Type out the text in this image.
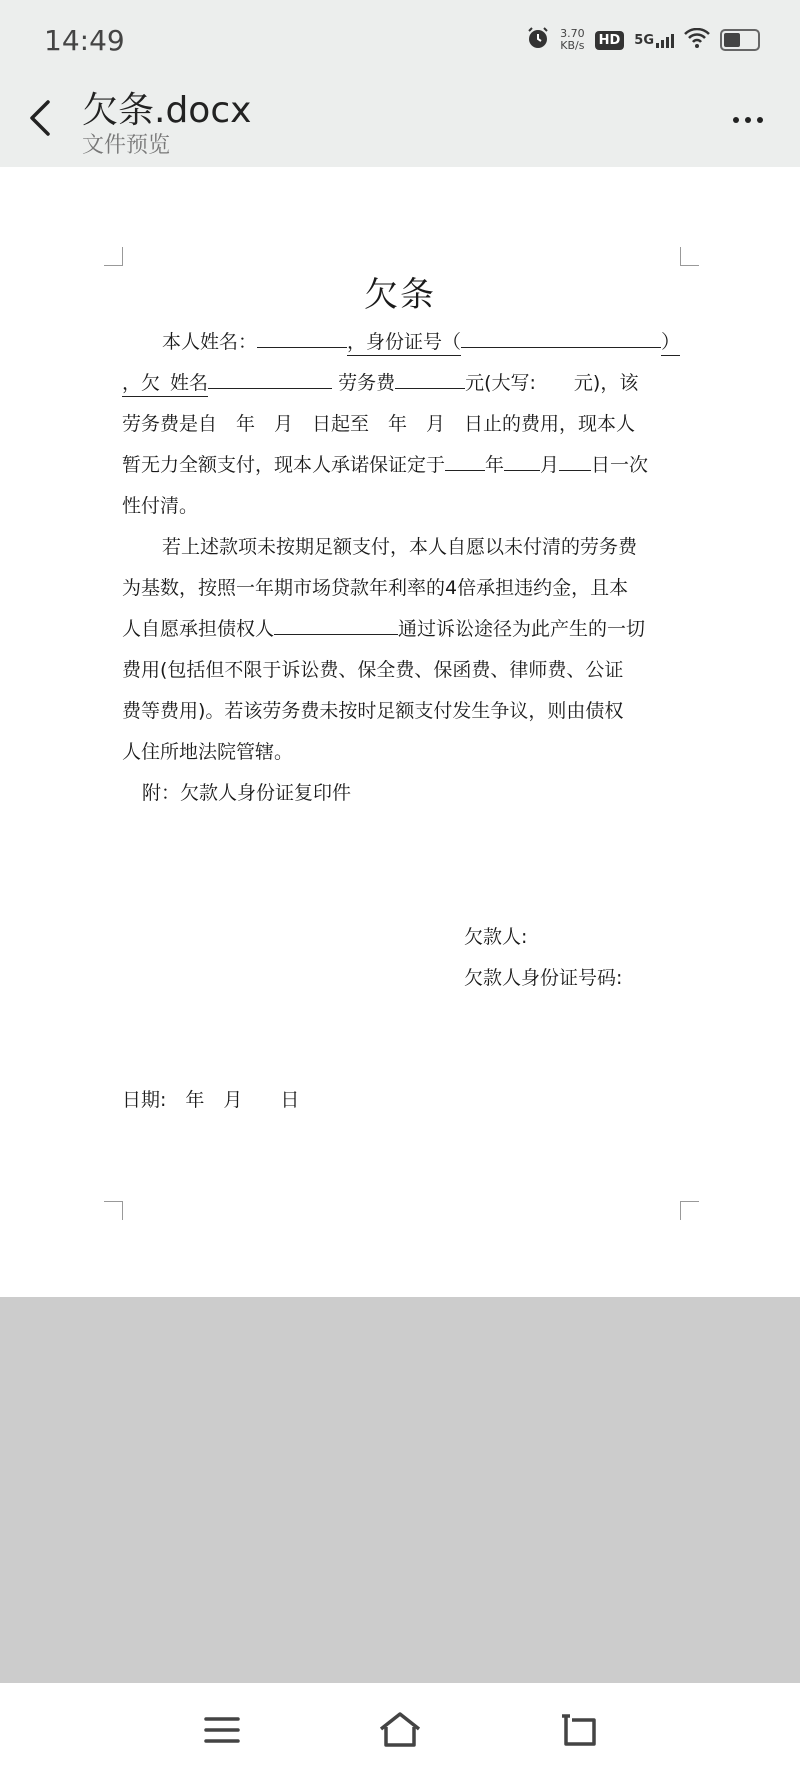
14:49	3.70
KB/s	HD	5G
欠条.docx
文件预览
欠条
本人姓名：	，身份证号（	）
，欠 姓名	劳务费	元(大写: 元)，该
劳务费是自　年　月　日起至　年　月　日止的费用，现本人
暂无力全额支付，现本人承诺保证定于 年 月 日一次
性付清。
若上述款项未按期足额支付，本人自愿以未付清的劳务费
为基数，按照一年期市场贷款年利率的4倍承担违约金，且本
人自愿承担债权人	通过诉讼途径为此产生的一切
费用(包括但不限于诉讼费、保全费、保函费、律师费、公证
费等费用)。若该劳务费未按时足额支付发生争议，则由债权
人住所地法院管辖。
附：欠款人身份证复印件
欠款人:
欠款人身份证号码:
日期:　年　月　　日
